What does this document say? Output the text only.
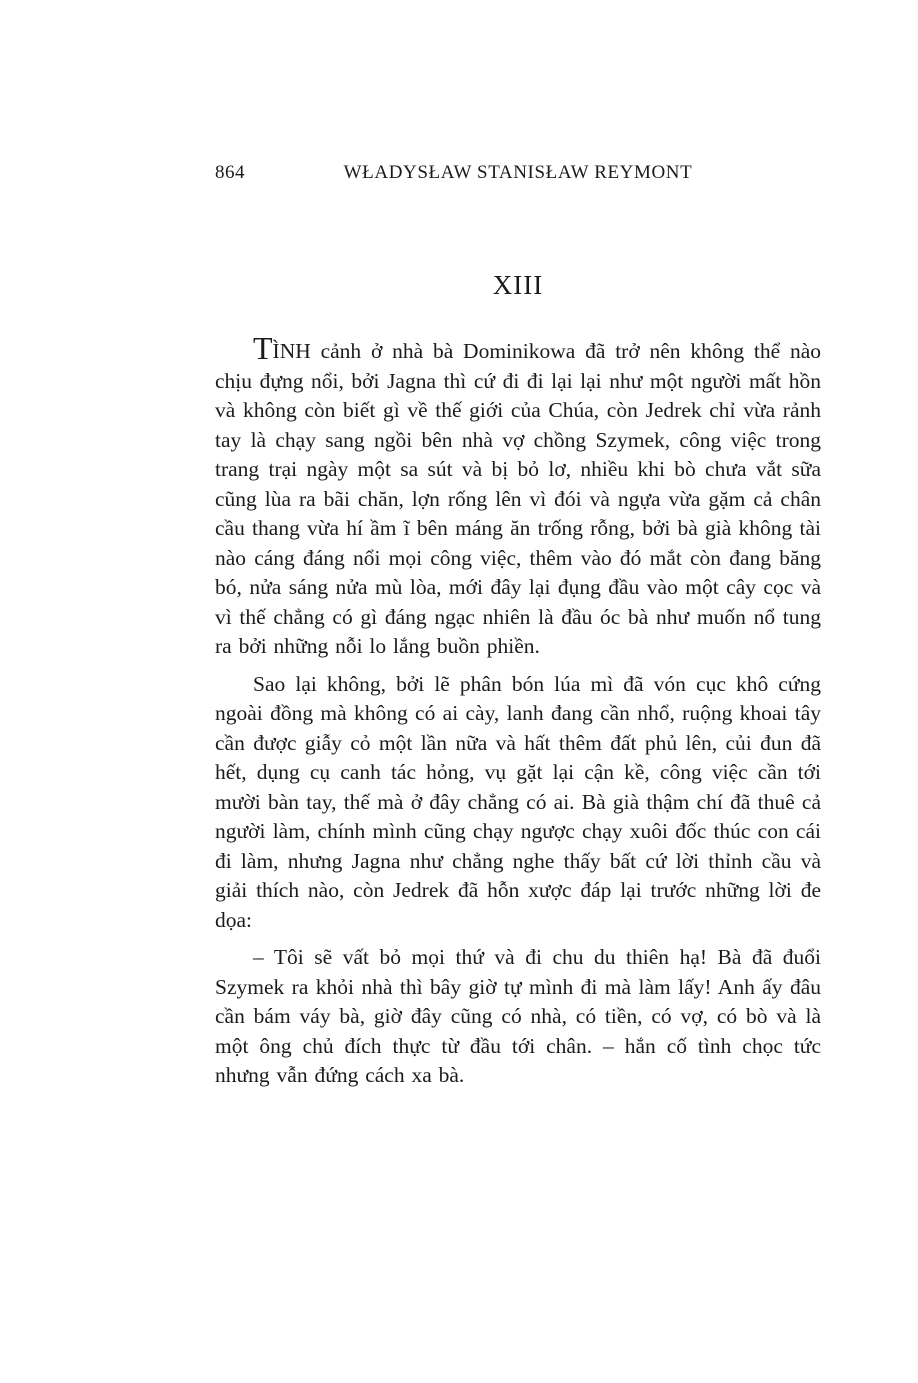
864	WŁADYSŁAW STANISŁAW REYMONT
XIII

TÌNH cảnh ở nhà bà Dominikowa đã trở nên không thể nào chịu đựng nổi, bởi Jagna thì cứ đi đi lại lại như một người mất hồn và không còn biết gì về thế giới của Chúa, còn Jedrek chỉ vừa rảnh tay là chạy sang ngồi bên nhà vợ chồng Szymek, công việc trong trang trại ngày một sa sút và bị bỏ lơ, nhiều khi bò chưa vắt sữa cũng lùa ra bãi chăn, lợn rống lên vì đói và ngựa vừa gặm cả chân cầu thang vừa hí ầm ĩ bên máng ăn trống rỗng, bởi bà già không tài nào cáng đáng nổi mọi công việc, thêm vào đó mắt còn đang băng bó, nửa sáng nửa mù lòa, mới đây lại đụng đầu vào một cây cọc và vì thế chẳng có gì đáng ngạc nhiên là đầu óc bà như muốn nổ tung ra bởi những nỗi lo lắng buồn phiền.

Sao lại không, bởi lẽ phân bón lúa mì đã vón cục khô cứng ngoài đồng mà không có ai cày, lanh đang cần nhổ, ruộng khoai tây cần được giẫy cỏ một lần nữa và hất thêm đất phủ lên, củi đun đã hết, dụng cụ canh tác hỏng, vụ gặt lại cận kề, công việc cần tới mười bàn tay, thế mà ở đây chẳng có ai. Bà già thậm chí đã thuê cả người làm, chính mình cũng chạy ngược chạy xuôi đốc thúc con cái đi làm, nhưng Jagna như chẳng nghe thấy bất cứ lời thỉnh cầu và giải thích nào, còn Jedrek đã hỗn xược đáp lại trước những lời đe dọa:

– Tôi sẽ vất bỏ mọi thứ và đi chu du thiên hạ! Bà đã đuổi Szymek ra khỏi nhà thì bây giờ tự mình đi mà làm lấy! Anh ấy đâu cần bám váy bà, giờ đây cũng có nhà, có tiền, có vợ, có bò và là một ông chủ đích thực từ đầu tới chân. – hắn cố tình chọc tức nhưng vẫn đứng cách xa bà.
